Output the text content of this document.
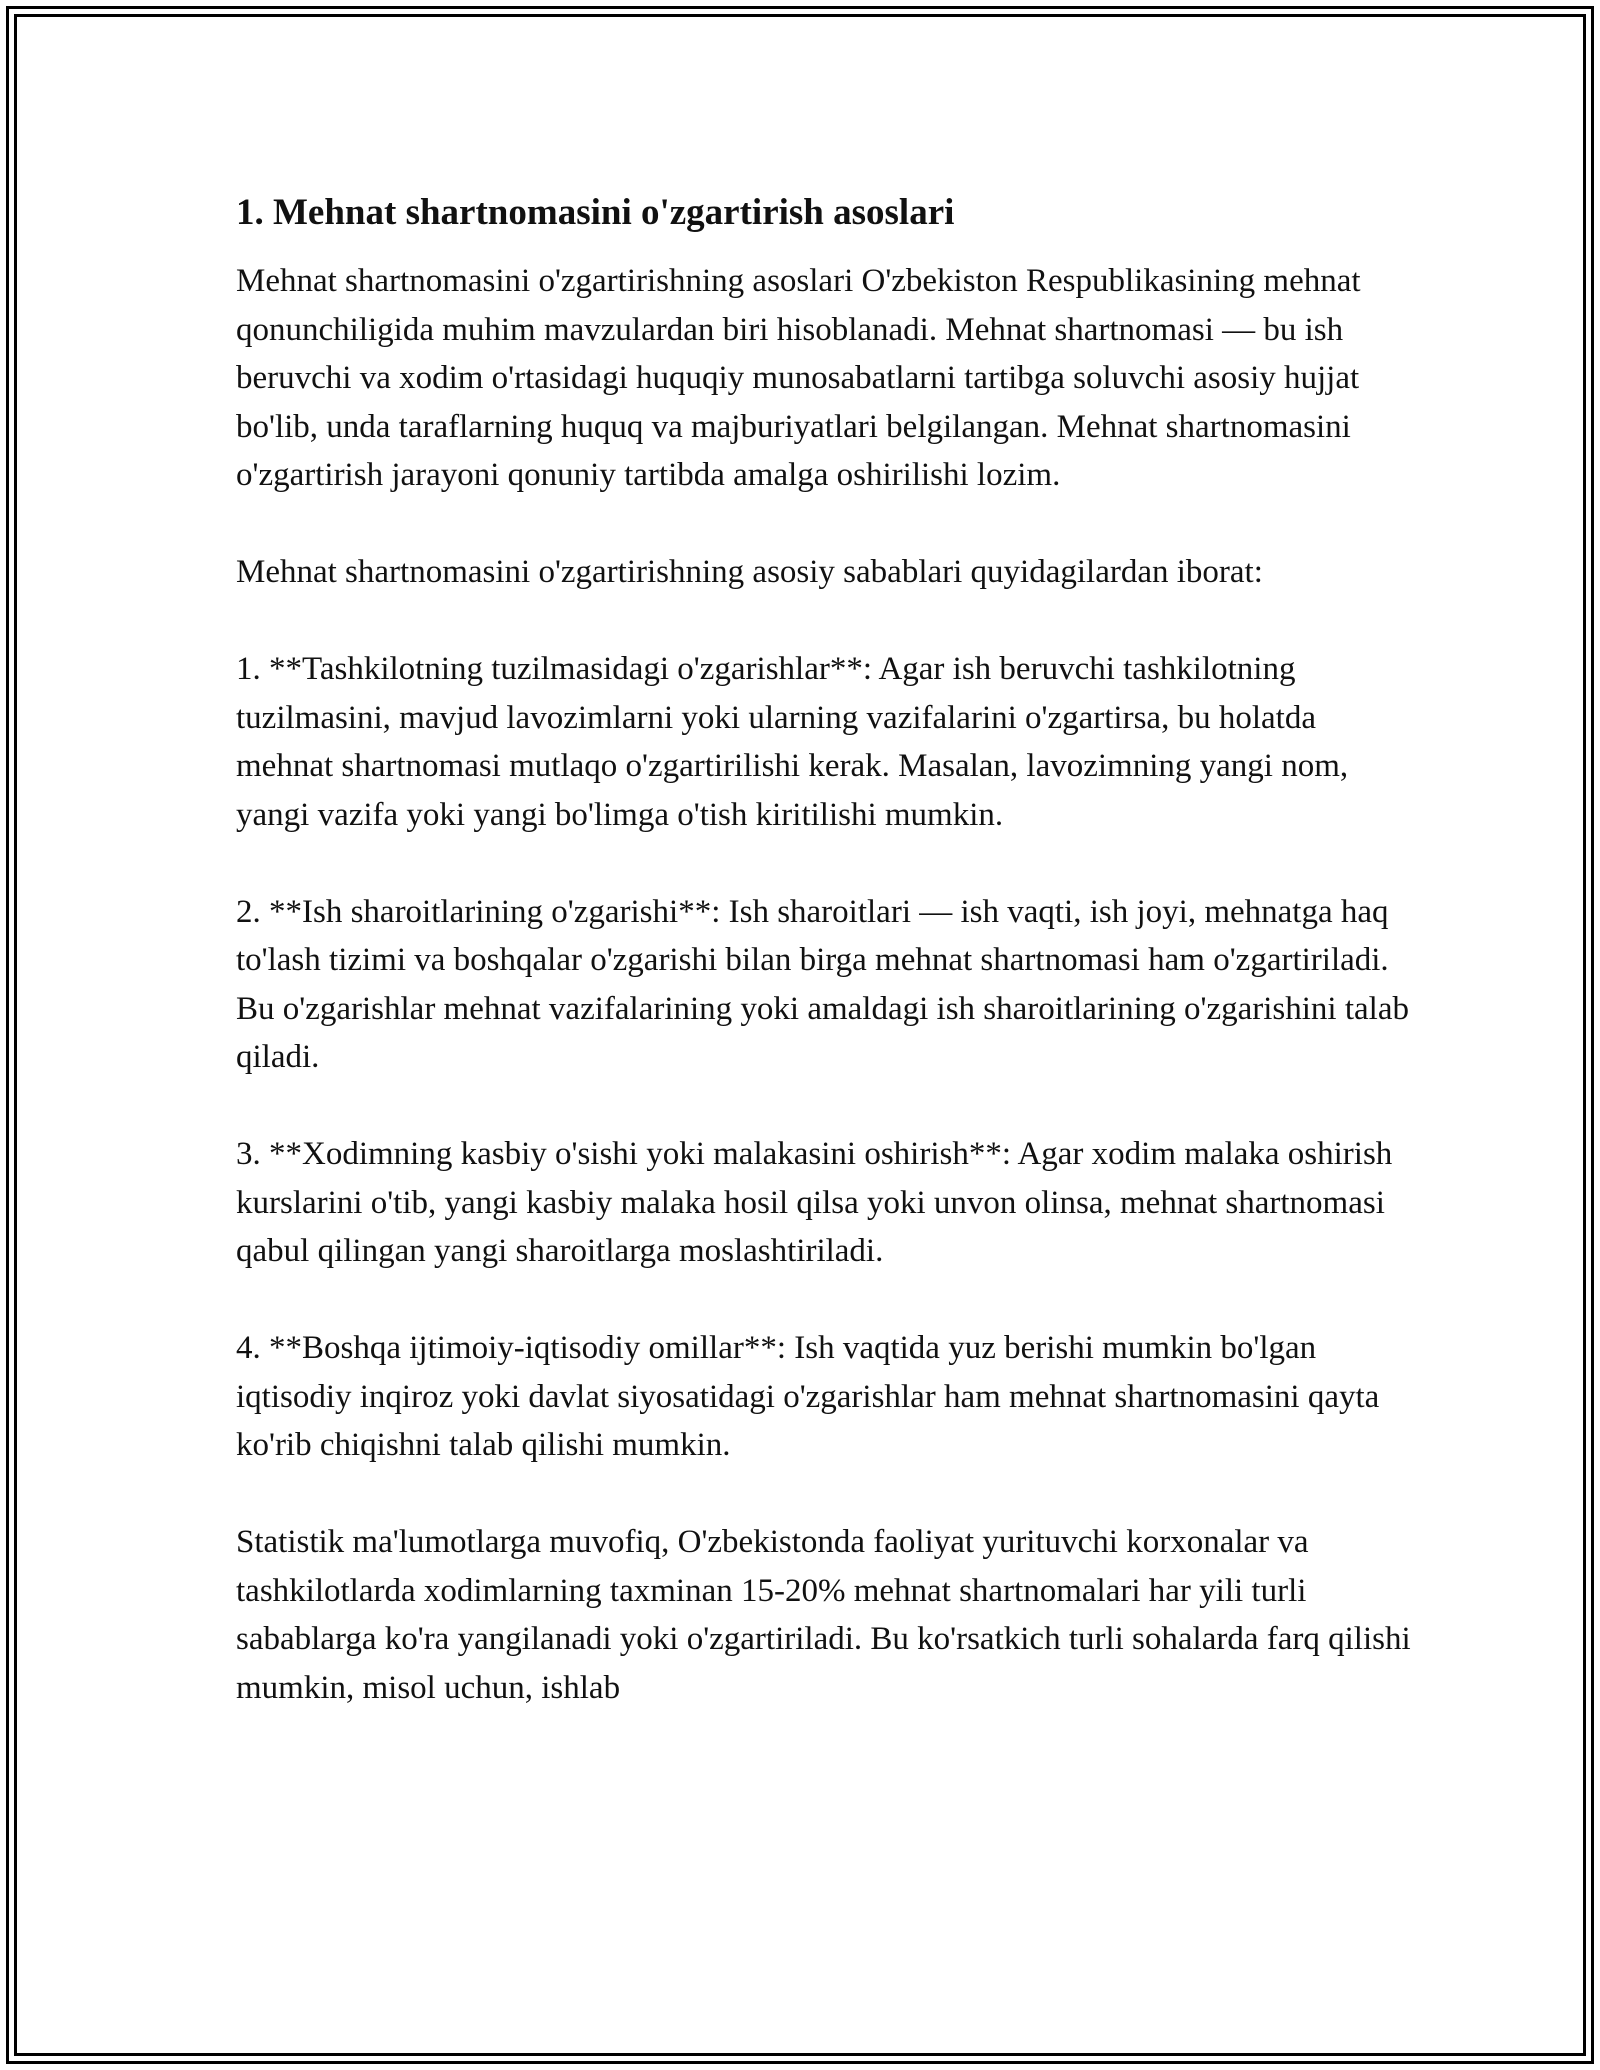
1. Mehnat shartnomasini o'zgartirish asoslari

Mehnat shartnomasini o'zgartirishning asoslari O'zbekiston Respublikasining mehnat qonunchiligida muhim mavzulardan biri hisoblanadi. Mehnat shartnomasi — bu ish beruvchi va xodim o'rtasidagi huquqiy munosabatlarni tartibga soluvchi asosiy hujjat bo'lib, unda taraflarning huquq va majburiyatlari belgilangan. Mehnat shartnomasini o'zgartirish jarayoni qonuniy tartibda amalga oshirilishi lozim.

Mehnat shartnomasini o'zgartirishning asosiy sabablari quyidagilardan iborat:

1. **Tashkilotning tuzilmasidagi o'zgarishlar**: Agar ish beruvchi tashkilotning tuzilmasini, mavjud lavozimlarni yoki ularning vazifalarini o'zgartirsa, bu holatda mehnat shartnomasi mutlaqo o'zgartirilishi kerak. Masalan, lavozimning yangi nom, yangi vazifa yoki yangi bo'limga o'tish kiritilishi mumkin.

2. **Ish sharoitlarining o'zgarishi**: Ish sharoitlari — ish vaqti, ish joyi, mehnatga haq to'lash tizimi va boshqalar o'zgarishi bilan birga mehnat shartnomasi ham o'zgartiriladi. Bu o'zgarishlar mehnat vazifalarining yoki amaldagi ish sharoitlarining o'zgarishini talab qiladi.

3. **Xodimning kasbiy o'sishi yoki malakasini oshirish**: Agar xodim malaka oshirish kurslarini o'tib, yangi kasbiy malaka hosil qilsa yoki unvon olinsa, mehnat shartnomasi qabul qilingan yangi sharoitlarga moslashtiriladi.

4. **Boshqa ijtimoiy-iqtisodiy omillar**: Ish vaqtida yuz berishi mumkin bo'lgan iqtisodiy inqiroz yoki davlat siyosatidagi o'zgarishlar ham mehnat shartnomasini qayta ko'rib chiqishni talab qilishi mumkin.

Statistik ma'lumotlarga muvofiq, O'zbekistonda faoliyat yurituvchi korxonalar va tashkilotlarda xodimlarning taxminan 15-20% mehnat shartnomalari har yili turli sabablarga ko'ra yangilanadi yoki o'zgartiriladi. Bu ko'rsatkich turli sohalarda farq qilishi mumkin, misol uchun, ishlab
